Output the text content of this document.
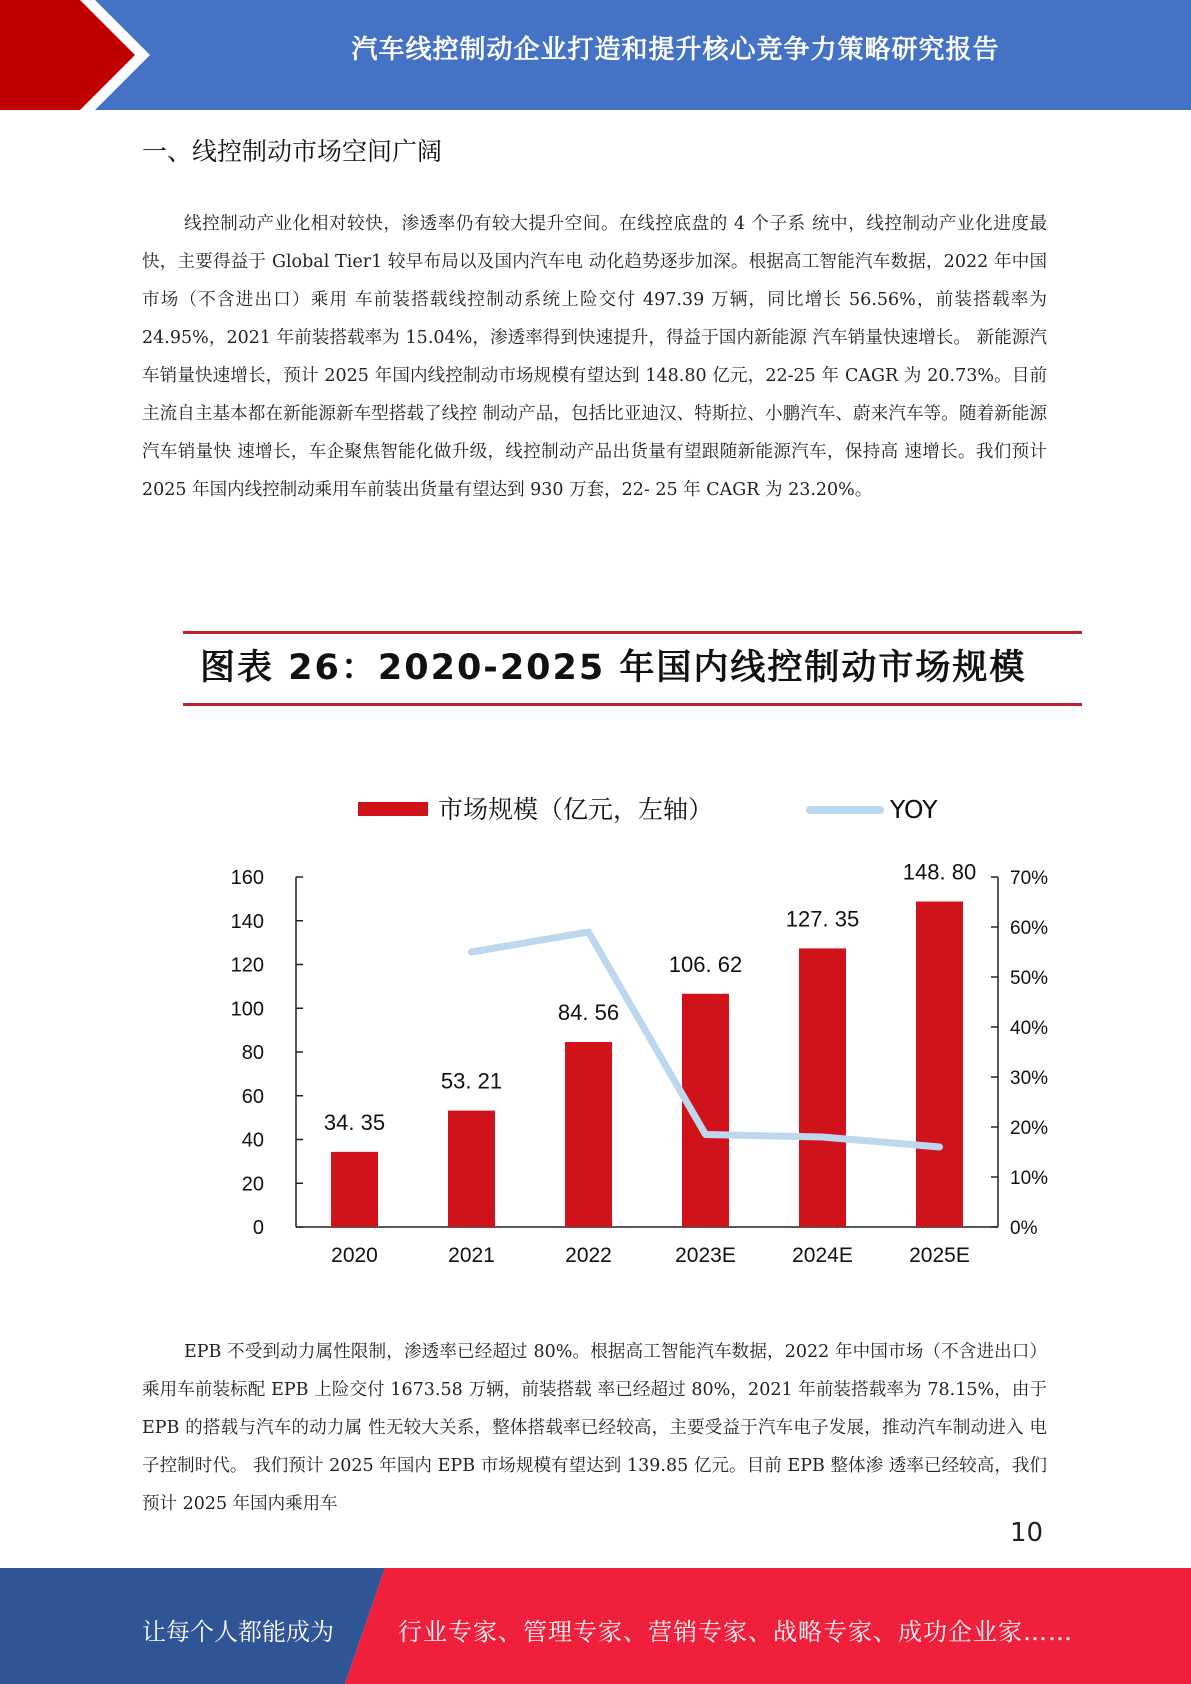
汽车线控制动企业打造和提升核心竞争力策略研究报告
一、线控制动市场空间广阔

线控制动产业化相对较快，渗透率仍有较大提升空间。在线控底盘的 4 个子系 统中，线控制动产业化进度最快，主要得益于 Global Tier1 较早布局以及国内汽车电 动化趋势逐步加深。根据高工智能汽车数据，2022 年中国市场（不含进出口）乘用 车前装搭载线控制动系统上险交付 497.39 万辆，同比增长 56.56%，前装搭载率为 24.95%，2021 年前装搭载率为 15.04%，渗透率得到快速提升，得益于国内新能源 汽车销量快速增长。 新能源汽车销量快速增长，预计 2025 年国内线控制动市场规模有望达到 148.80 亿元，22-25 年 CAGR 为 20.73%。目前主流自主基本都在新能源新车型搭载了线控 制动产品，包括比亚迪汉、特斯拉、小鹏汽车、蔚来汽车等。随着新能源汽车销量快 速增长，车企聚焦智能化做升级，线控制动产品出货量有望跟随新能源汽车，保持高 速增长。我们预计 2025 年国内线控制动乘用车前装出货量有望达到 930 万套，22- 25 年 CAGR 为 23.20%。

图表 26：2020-2025 年国内线控制动市场规模
市场规模（亿元，左轴）	YOY
0
20
40
60
80
100
120
140
160
0%
10%
20%
30%
40%
50%
60%
70%
34. 35
53. 21
84. 56
106. 62
127. 35
148. 80
2020	2021	2022	2023E	2024E	2025E

EPB 不受到动力属性限制，渗透率已经超过 80%。根据高工智能汽车数据，2022 年中国市场（不含进出口）乘用车前装标配 EPB 上险交付 1673.58 万辆，前装搭载 率已经超过 80%，2021 年前装搭载率为 78.15%，由于 EPB 的搭载与汽车的动力属 性无较大关系，整体搭载率已经较高，主要受益于汽车电子发展，推动汽车制动进入 电子控制时代。 我们预计 2025 年国内 EPB 市场规模有望达到 139.85 亿元。目前 EPB 整体渗 透率已经较高，我们预计 2025 年国内乘用车

10
让每个人都能成为	行业专家、管理专家、营销专家、战略专家、成功企业家……
